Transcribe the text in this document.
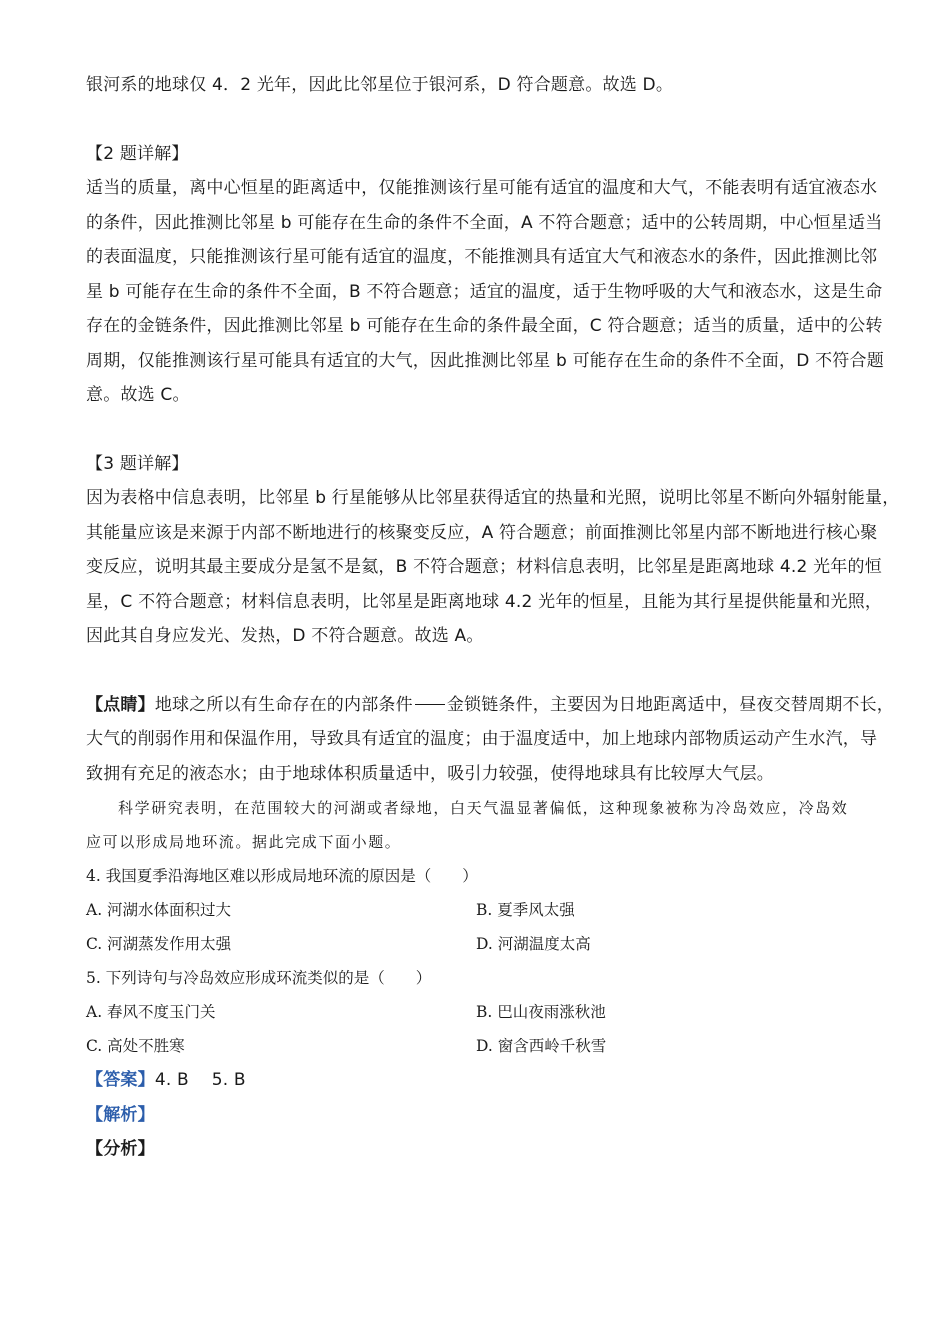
银河系的地球仅 4．2 光年，因此比邻星位于银河系，D 符合题意。故选 D。
【2 题详解】
适当的质量，离中心恒星的距离适中，仅能推测该行星可能有适宜的温度和大气，不能表明有适宜液态水
的条件，因此推测比邻星 b 可能存在生命的条件不全面，A 不符合题意；适中的公转周期，中心恒星适当
的表面温度，只能推测该行星可能有适宜的温度，不能推测具有适宜大气和液态水的条件，因此推测比邻
星 b 可能存在生命的条件不全面，B 不符合题意；适宜的温度，适于生物呼吸的大气和液态水，这是生命
存在的金链条件，因此推测比邻星 b 可能存在生命的条件最全面，C 符合题意；适当的质量，适中的公转
周期，仅能推测该行星可能具有适宜的大气，因此推测比邻星 b 可能存在生命的条件不全面，D 不符合题
意。故选 C。
【3 题详解】
因为表格中信息表明，比邻星 b 行星能够从比邻星获得适宜的热量和光照，说明比邻星不断向外辐射能量，
其能量应该是来源于内部不断地进行的核聚变反应，A 符合题意；前面推测比邻星内部不断地进行核心聚
变反应，说明其最主要成分是氢不是氦，B 不符合题意；材料信息表明，比邻星是距离地球 4.2 光年的恒
星，C 不符合题意；材料信息表明，比邻星是距离地球 4.2 光年的恒星，且能为其行星提供能量和光照，
因此其自身应发光、发热，D 不符合题意。故选 A。
【点睛】地球之所以有生命存在的内部条件 金锁链条件，主要因为日地距离适中，昼夜交替周期不长，
大气的削弱作用和保温作用，导致具有适宜的温度；由于温度适中，加上地球内部物质运动产生水汽，导
致拥有充足的液态水；由于地球体积质量适中，吸引力较强，使得地球具有比较厚大气层。
科学研究表明，在范围较大的河湖或者绿地，白天气温显著偏低，这种现象被称为冷岛效应，冷岛效
应可以形成局地环流。据此完成下面小题。
4. 我国夏季沿海地区难以形成局地环流的原因是（　　）
A. 河湖水体面积过大	B. 夏季风太强
C. 河湖蒸发作用太强	D. 河湖温度太高
5. 下列诗句与冷岛效应形成环流类似的是（　　）
A. 春风不度玉门关	B. 巴山夜雨涨秋池
C. 高处不胜寒	D. 窗含西岭千秋雪
【答案】4. B　 5. B
【解析】
【分析】
